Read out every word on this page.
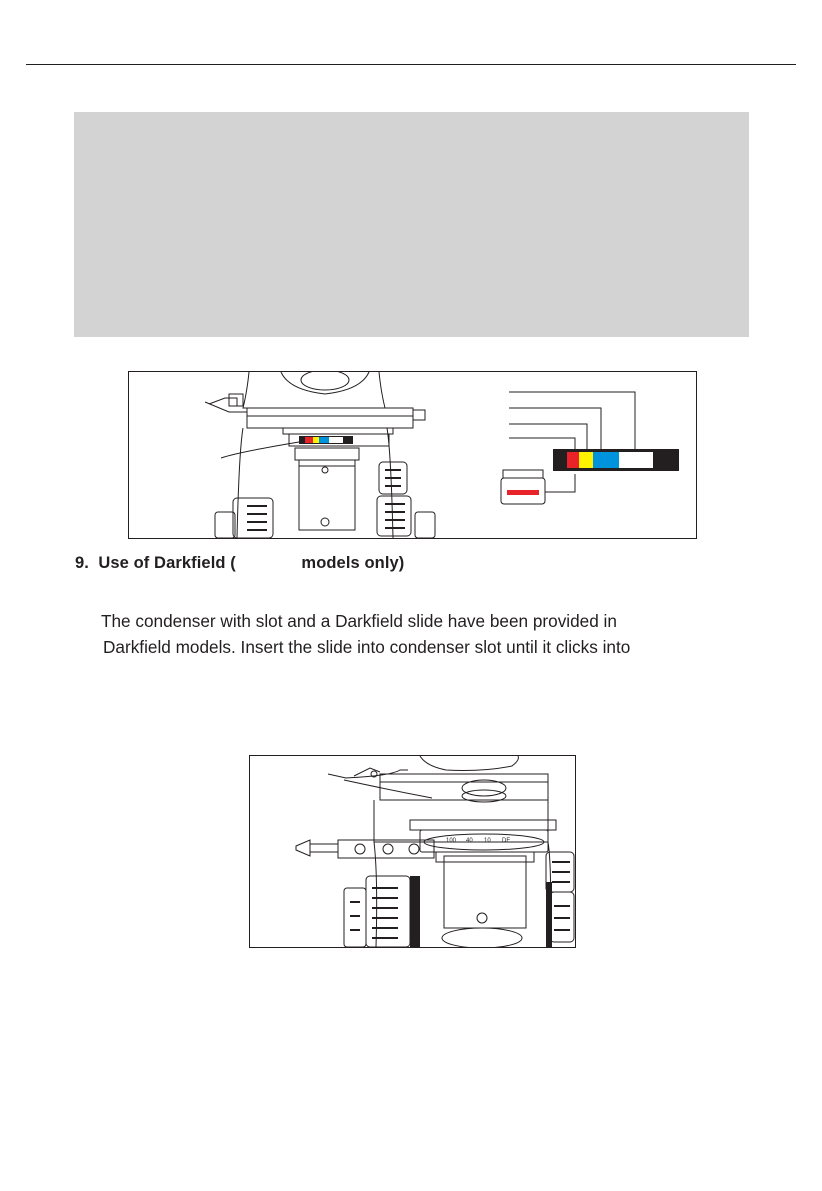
9. Use of Darkfield (              models only)
The condenser with slot and a Darkfield slide have been provided in
Darkfield models. Insert the slide into condenser slot until it clicks into
100 40 10 DF
